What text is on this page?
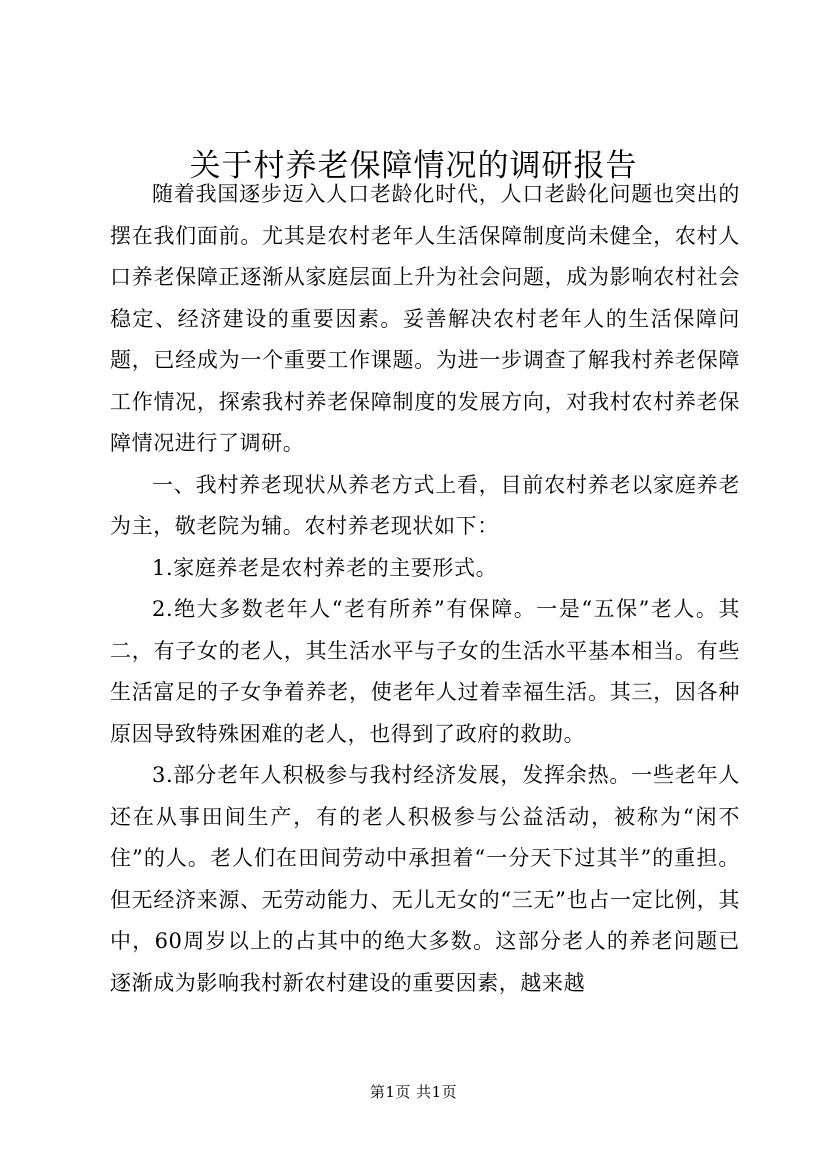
关于村养老保障情况的调研报告

随着我国逐步迈入人口老龄化时代，人口老龄化问题也突出的摆在我们面前。尤其是农村老年人生活保障制度尚未健全，农村人口养老保障正逐渐从家庭层面上升为社会问题，成为影响农村社会稳定、经济建设的重要因素。妥善解决农村老年人的生活保障问题，已经成为一个重要工作课题。为进一步调查了解我村养老保障工作情况，探索我村养老保障制度的发展方向，对我村农村养老保障情况进行了调研。

一、我村养老现状从养老方式上看，目前农村养老以家庭养老为主，敬老院为辅。农村养老现状如下：

1.家庭养老是农村养老的主要形式。

2.绝大多数老年人“老有所养”有保障。一是“五保”老人。其二，有子女的老人，其生活水平与子女的生活水平基本相当。有些生活富足的子女争着养老，使老年人过着幸福生活。其三，因各种原因导致特殊困难的老人，也得到了政府的救助。

3.部分老年人积极参与我村经济发展，发挥余热。一些老年人还在从事田间生产，有的老人积极参与公益活动，被称为“闲不住”的人。老人们在田间劳动中承担着“一分天下过其半”的重担。但无经济来源、无劳动能力、无儿无女的“三无”也占一定比例，其中，60周岁以上的占其中的绝大多数。这部分老人的养老问题已逐渐成为影响我村新农村建设的重要因素，越来越

第1页 共1页
